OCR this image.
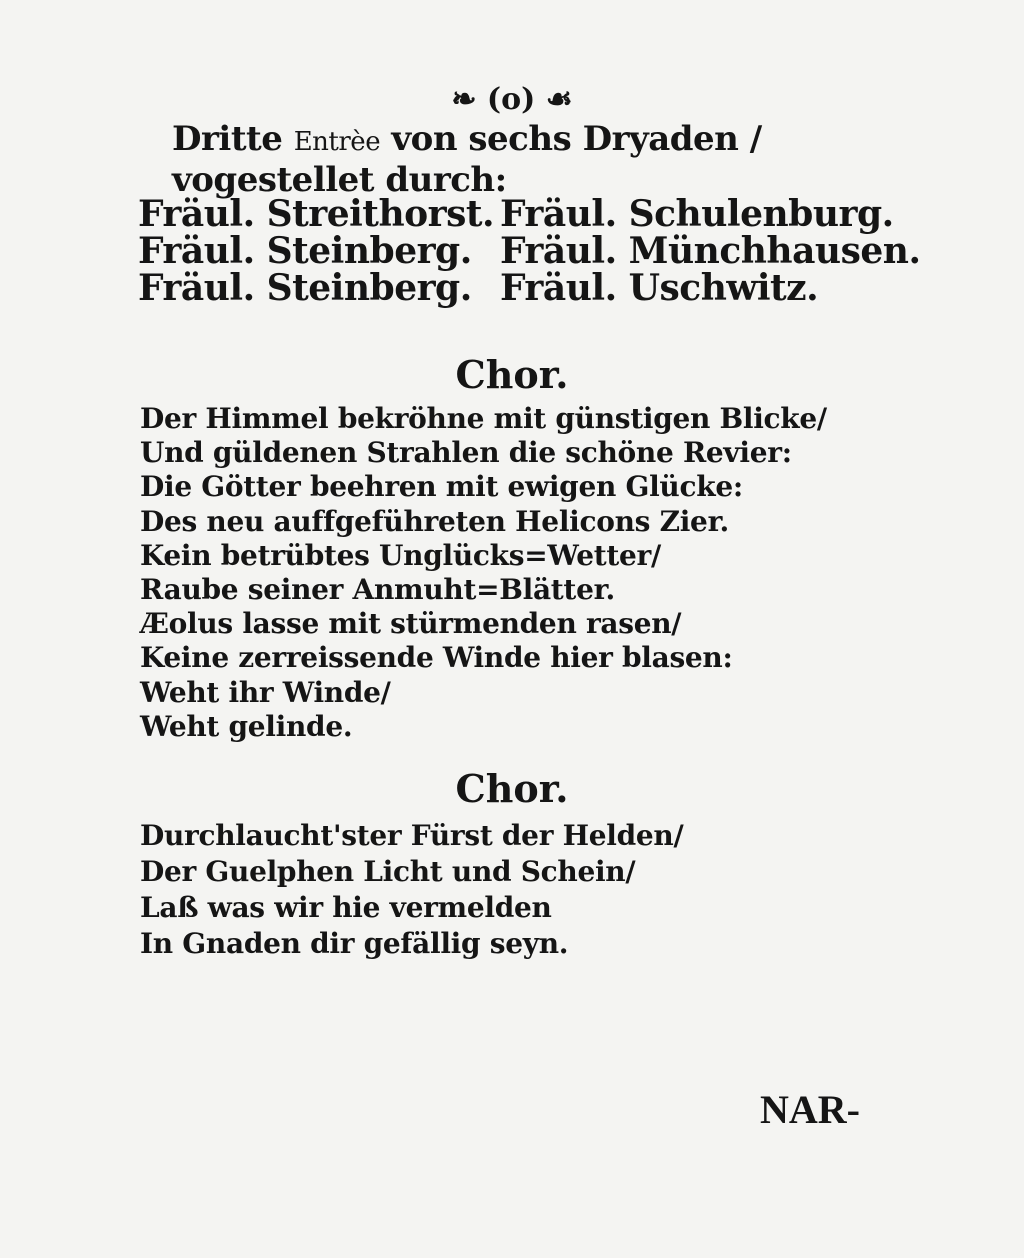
❧ (o) ☙
Dritte Entrèe von sechs Dryaden / vogestellet durch:
Fräul. Streithorst.
Fräul. Steinberg.
Fräul. Steinberg.
Fräul. Schulenburg.
Fräul. Münchhausen.
Fräul. Uschwitz.
Chor.
Der Himmel bekröhne mit günstigen Blicke/
Und güldenen Strahlen die schöne Revier:
Die Götter beehren mit ewigen Glücke:
Des neu auffgeführeten Helicons Zier.
Kein betrübtes Unglücks=Wetter/
Raube seiner Anmuht=Blätter.
Æolus lasse mit stürmenden rasen/
Keine zerreissende Winde hier blasen:
Weht ihr Winde/
Weht gelinde.
Chor.
Durchlaucht'ster Fürst der Helden/
Der Guelphen Licht und Schein/
Laß was wir hie vermelden
In Gnaden dir gefällig seyn.
NAR-
